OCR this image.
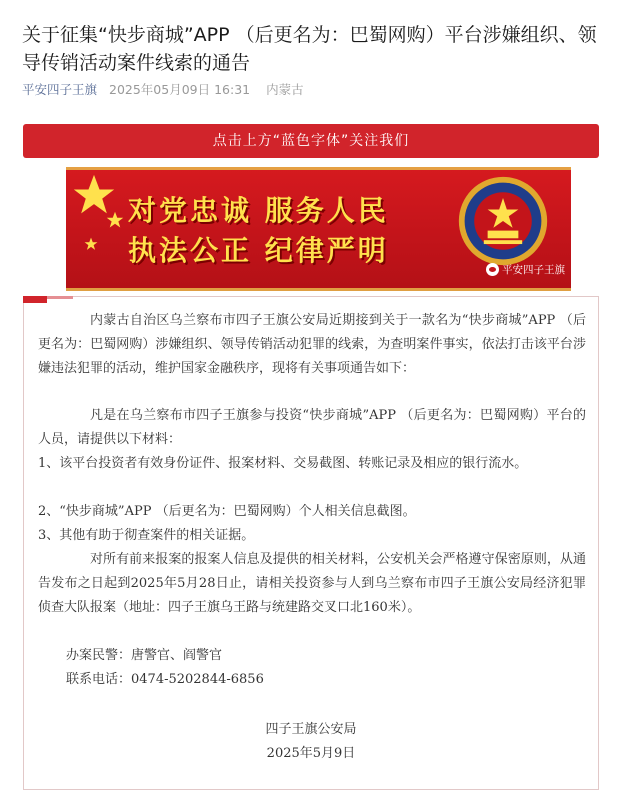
关于征集“快步商城”APP （后更名为：巴蜀网购）平台涉嫌组织、领导传销活动案件线索的通告
平安四子王旗 2025年05月09日 16:31 内蒙古
点击上方“蓝色字体”关注我们
对党忠诚 服务人民
执法公正 纪律严明
平安四子王旗
内蒙古自治区乌兰察布市四子王旗公安局近期接到关于一款名为“快步商城”APP （后更名为：巴蜀网购）涉嫌组织、领导传销活动犯罪的线索，为查明案件事实，依法打击该平台涉嫌违法犯罪的活动，维护国家金融秩序，现将有关事项通告如下：
凡是在乌兰察布市四子王旗参与投资“快步商城”APP （后更名为：巴蜀网购）平台的人员，请提供以下材料：
1、该平台投资者有效身份证件、报案材料、交易截图、转账记录及相应的银行流水。
2、“快步商城”APP （后更名为：巴蜀网购）个人相关信息截图。
3、其他有助于彻查案件的相关证据。
对所有前来报案的报案人信息及提供的相关材料，公安机关会严格遵守保密原则，从通告发布之日起到2025年5月28日止，请相关投资参与人到乌兰察布市四子王旗公安局经济犯罪侦查大队报案（地址：四子王旗乌王路与统建路交叉口北160米）。
办案民警：唐警官、阎警官
联系电话：0474-5202844-6856
四子王旗公安局
2025年5月9日
